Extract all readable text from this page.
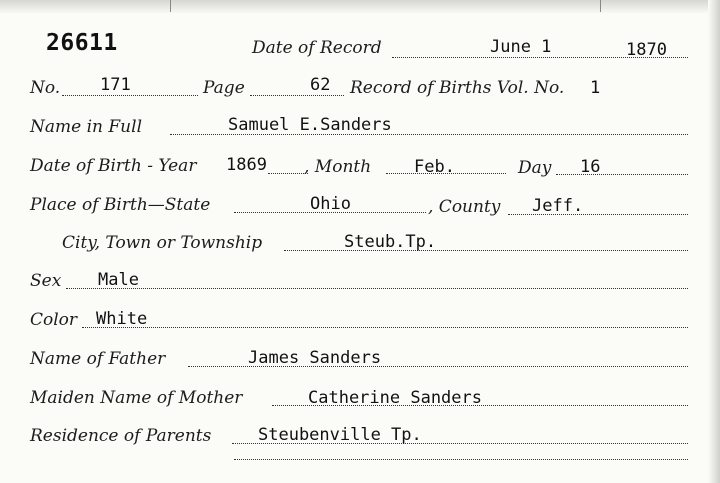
26611	Date of Record	June 1	1870
No. 171	Page	62 Record of Births Vol. No. 1
Name in Full	Samuel E.Sanders
Date of Birth - Year 1869 , Month	Feb.	Day 16
Place of Birth—State	Ohio	, County Jeff.
City, Town or Township	Steub.Tp.
Sex Male
Color White
Name of Father	James Sanders
Maiden Name of Mother	Catherine Sanders
Residence of Parents	Steubenville Tp.
